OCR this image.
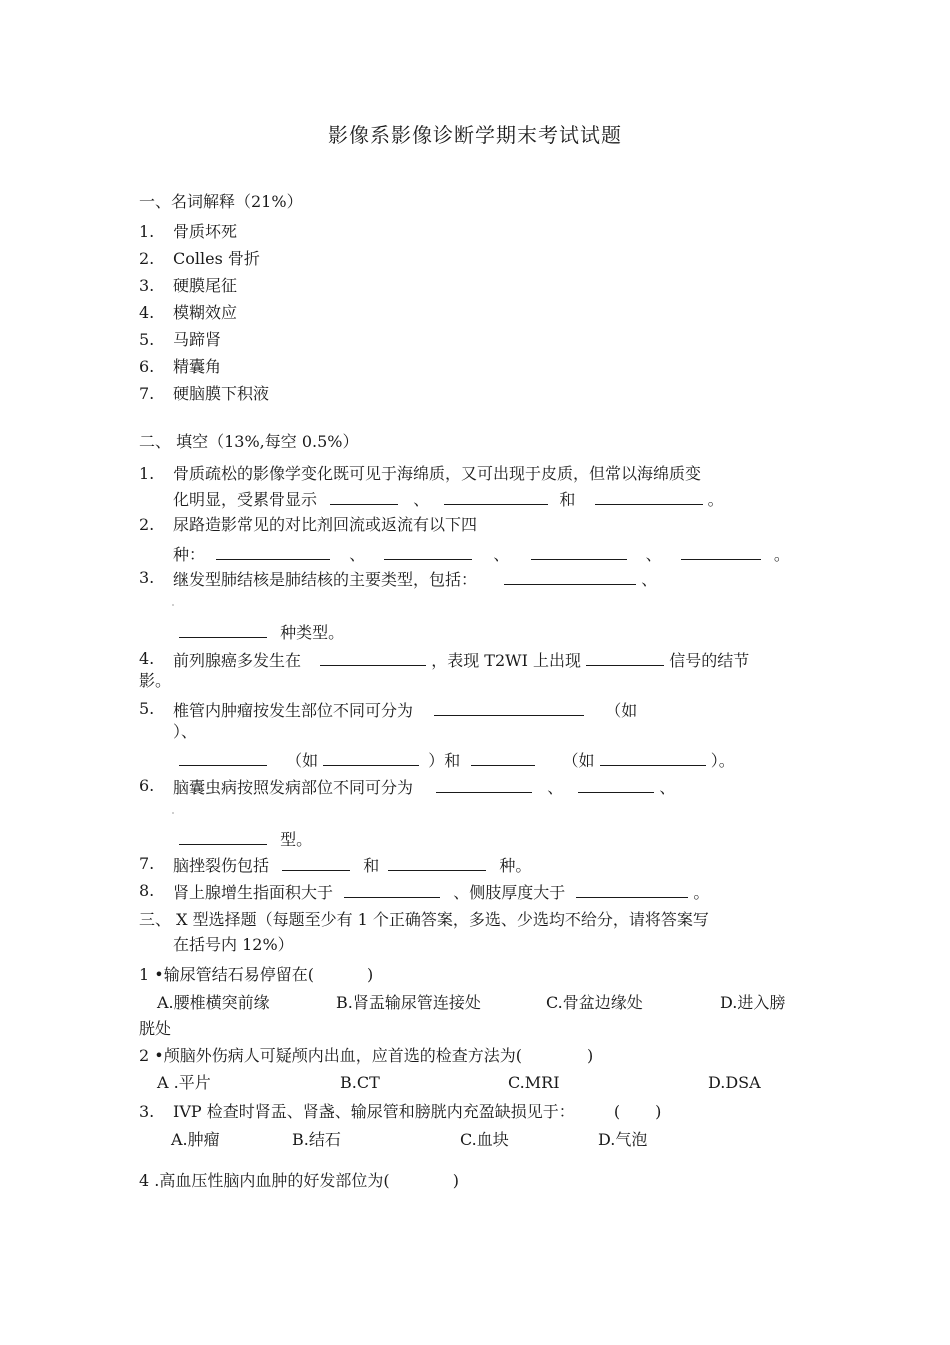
影像系影像诊断学期末考试试题
一、名词解释（21%）
1. 骨质坏死
2. Colles 骨折
3. 硬膜尾征
4. 模糊效应
5. 马蹄肾
6. 精囊角
7. 硬脑膜下积液
二、 填空（13%,每空 0.5%）
1. 骨质疏松的影像学变化既可见于海绵质，又可出现于皮质，但常以海绵质变
化明显，受累骨显示	、	和	。
2. 尿路造影常见的对比剂回流或返流有以下四
种：	、	、	、	。
3. 继发型肺结核是肺结核的主要类型，包括：	、
种类型。
4. 前列腺癌多发生在	，表现 T2WI 上出现	信号的结节
影。
5. 椎管内肿瘤按发生部位不同可分为	（如
）、
（如	）和	（如	）。
6. 脑囊虫病按照发病部位不同可分为	、	、
型。
7. 脑挫裂伤包括	和	种。
8. 肾上腺增生指面积大于	、侧肢厚度大于	。
三、 X 型选择题（每题至少有 1 个正确答案，多选、少选均不给分，请将答案写
在括号内 12%）
1 •输尿管结石易停留在(	)
A.腰椎横突前缘	B.肾盂输尿管连接处	C.骨盆边缘处	D.进入膀
胱处
2 •颅脑外伤病人可疑颅内出血，应首选的检查方法为(	)
A .平片	B.CT	C.MRI	D.DSA
3. IVP 检查时肾盂、肾盏、输尿管和膀胱内充盈缺损见于： ( )
A.肿瘤	B.结石	C.血块	D.气泡
4 .高血压性脑内血肿的好发部位为(	)
